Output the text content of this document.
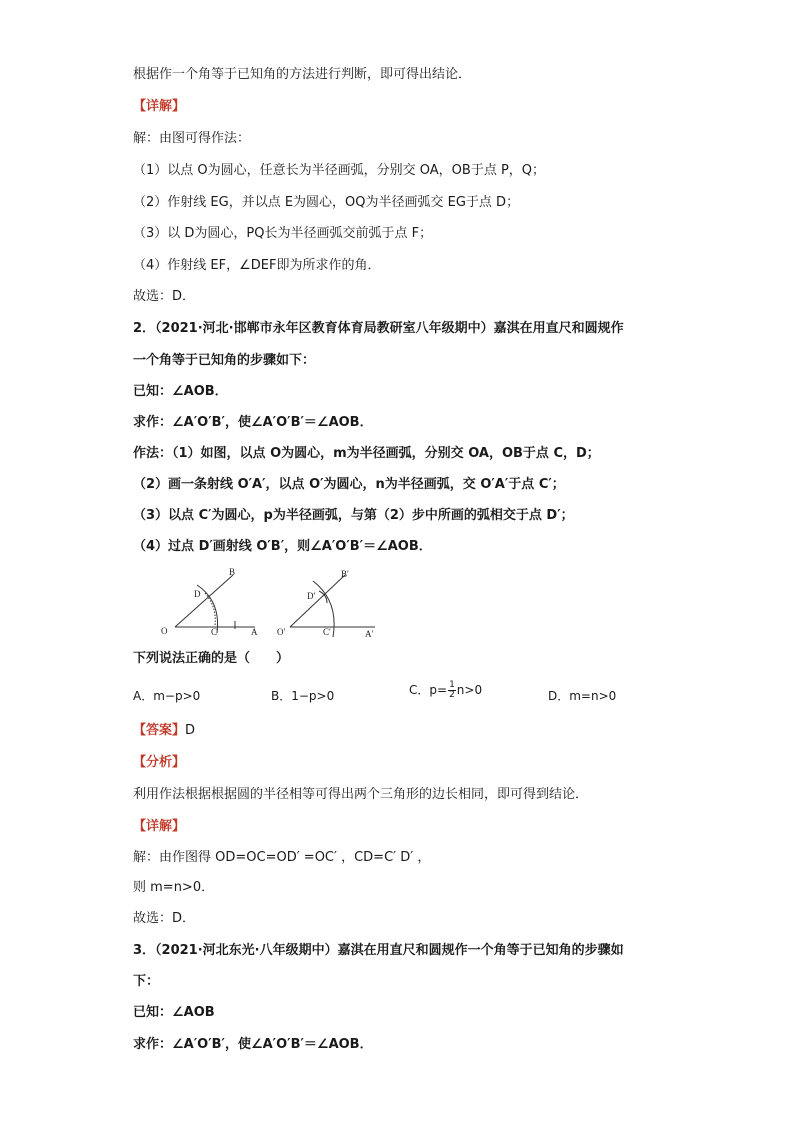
根据作一个角等于已知角的方法进行判断，即可得出结论．
【详解】
解：由图可得作法：
（1）以点 O为圆心，任意长为半径画弧，分别交 OA，OB于点 P，Q；
（2）作射线 EG，并以点 E为圆心，OQ为半径画弧交 EG于点 D；
（3）以 D为圆心，PQ长为半径画弧交前弧于点 F；
（4）作射线 EF，∠DEF即为所求作的角．
故选：D．
2．（2021·河北·邯郸市永年区教育体育局教研室八年级期中）嘉淇在用直尺和圆规作
一个角等于已知角的步骤如下：
已知：∠AOB．
求作：∠A′O′B′，使∠A′O′B′＝∠AOB．
作法：（1）如图，以点 O为圆心，m为半径画弧，分别交 OA，OB于点 C，D；
（2）画一条射线 O′A′，以点 O′为圆心，n为半径画弧，交 O′A′于点 C′；
（3）以点 C′为圆心，p为半径画弧，与第（2）步中所画的弧相交于点 D′；
（4）过点 D′画射线 O′B′，则∠A′O′B′＝∠AOB．
O	A
B
C
D
O′	A′
B′
C′
D′
下列说法正确的是（　　）
A．m−p>0	B．1−p>0	C．$p= \frac{1}{2} n>0$	D．m=n>0
【答案】D
【分析】
利用作法根据根据圆的半径相等可得出两个三角形的边长相同，即可得到结论．
【详解】
解：由作图得 OD=OC=OD′ =OC′ ，CD=C′ D′ ，
则 m=n>0．
故选：D．
3．（2021·河北东光·八年级期中）嘉淇在用直尺和圆规作一个角等于已知角的步骤如
下：
已知：∠AOB
求作：∠A′O′B′，使∠A′O′B′＝∠AOB．
